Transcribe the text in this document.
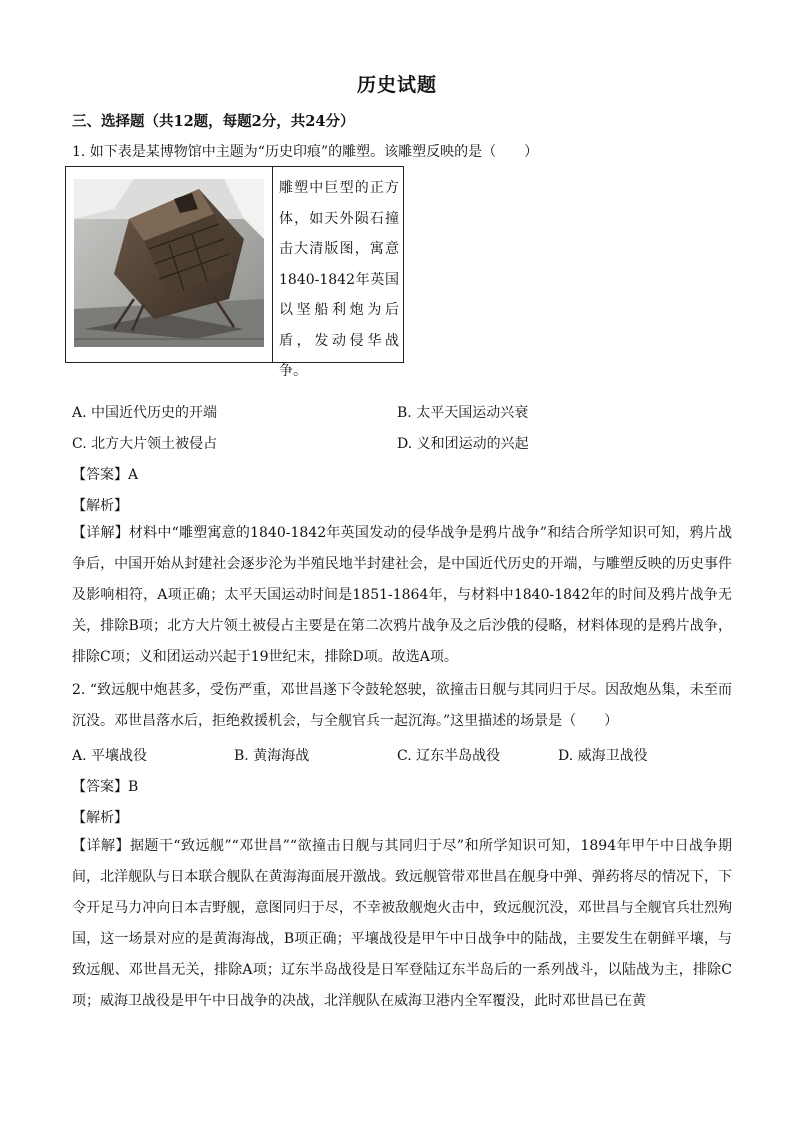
历史试题
三、选择题（共12题，每题2分，共24分）
1. 如下表是某博物馆中主题为“历史印痕”的雕塑。该雕塑反映的是（　　）
雕塑中巨型的正方体，如天外陨石撞击大清版图，寓意1840-1842年英国以坚船利炮为后盾，发动侵华战争。
A. 中国近代历史的开端	B. 太平天国运动兴衰
C. 北方大片领土被侵占	D. 义和团运动的兴起
【答案】A
【解析】
【详解】材料中“雕塑寓意的1840-1842年英国发动的侵华战争是鸦片战争”和结合所学知识可知，鸦片战争后，中国开始从封建社会逐步沦为半殖民地半封建社会，是中国近代历史的开端，与雕塑反映的历史事件及影响相符，A项正确；太平天国运动时间是1851-1864年，与材料中1840-1842年的时间及鸦片战争无关，排除B项；北方大片领土被侵占主要是在第二次鸦片战争及之后沙俄的侵略，材料体现的是鸦片战争，排除C项；义和团运动兴起于19世纪末，排除D项。故选A项。
2. “致远舰中炮甚多，受伤严重，邓世昌遂下令鼓轮怒驶，欲撞击日舰与其同归于尽。因敌炮丛集，未至而沉没。邓世昌落水后，拒绝救援机会，与全舰官兵一起沉海。”这里描述的场景是（　　）
A. 平壤战役	B. 黄海海战	C. 辽东半岛战役	D. 威海卫战役
【答案】B
【解析】
【详解】据题干“致远舰”“邓世昌”“欲撞击日舰与其同归于尽”和所学知识可知，1894年甲午中日战争期间，北洋舰队与日本联合舰队在黄海海面展开激战。致远舰管带邓世昌在舰身中弹、弹药将尽的情况下，下令开足马力冲向日本吉野舰，意图同归于尽，不幸被敌舰炮火击中，致远舰沉没，邓世昌与全舰官兵壮烈殉国，这一场景对应的是黄海海战，B项正确；平壤战役是甲午中日战争中的陆战，主要发生在朝鲜平壤，与致远舰、邓世昌无关，排除A项；辽东半岛战役是日军登陆辽东半岛后的一系列战斗，以陆战为主，排除C项；威海卫战役是甲午中日战争的决战，北洋舰队在威海卫港内全军覆没，此时邓世昌已在黄
